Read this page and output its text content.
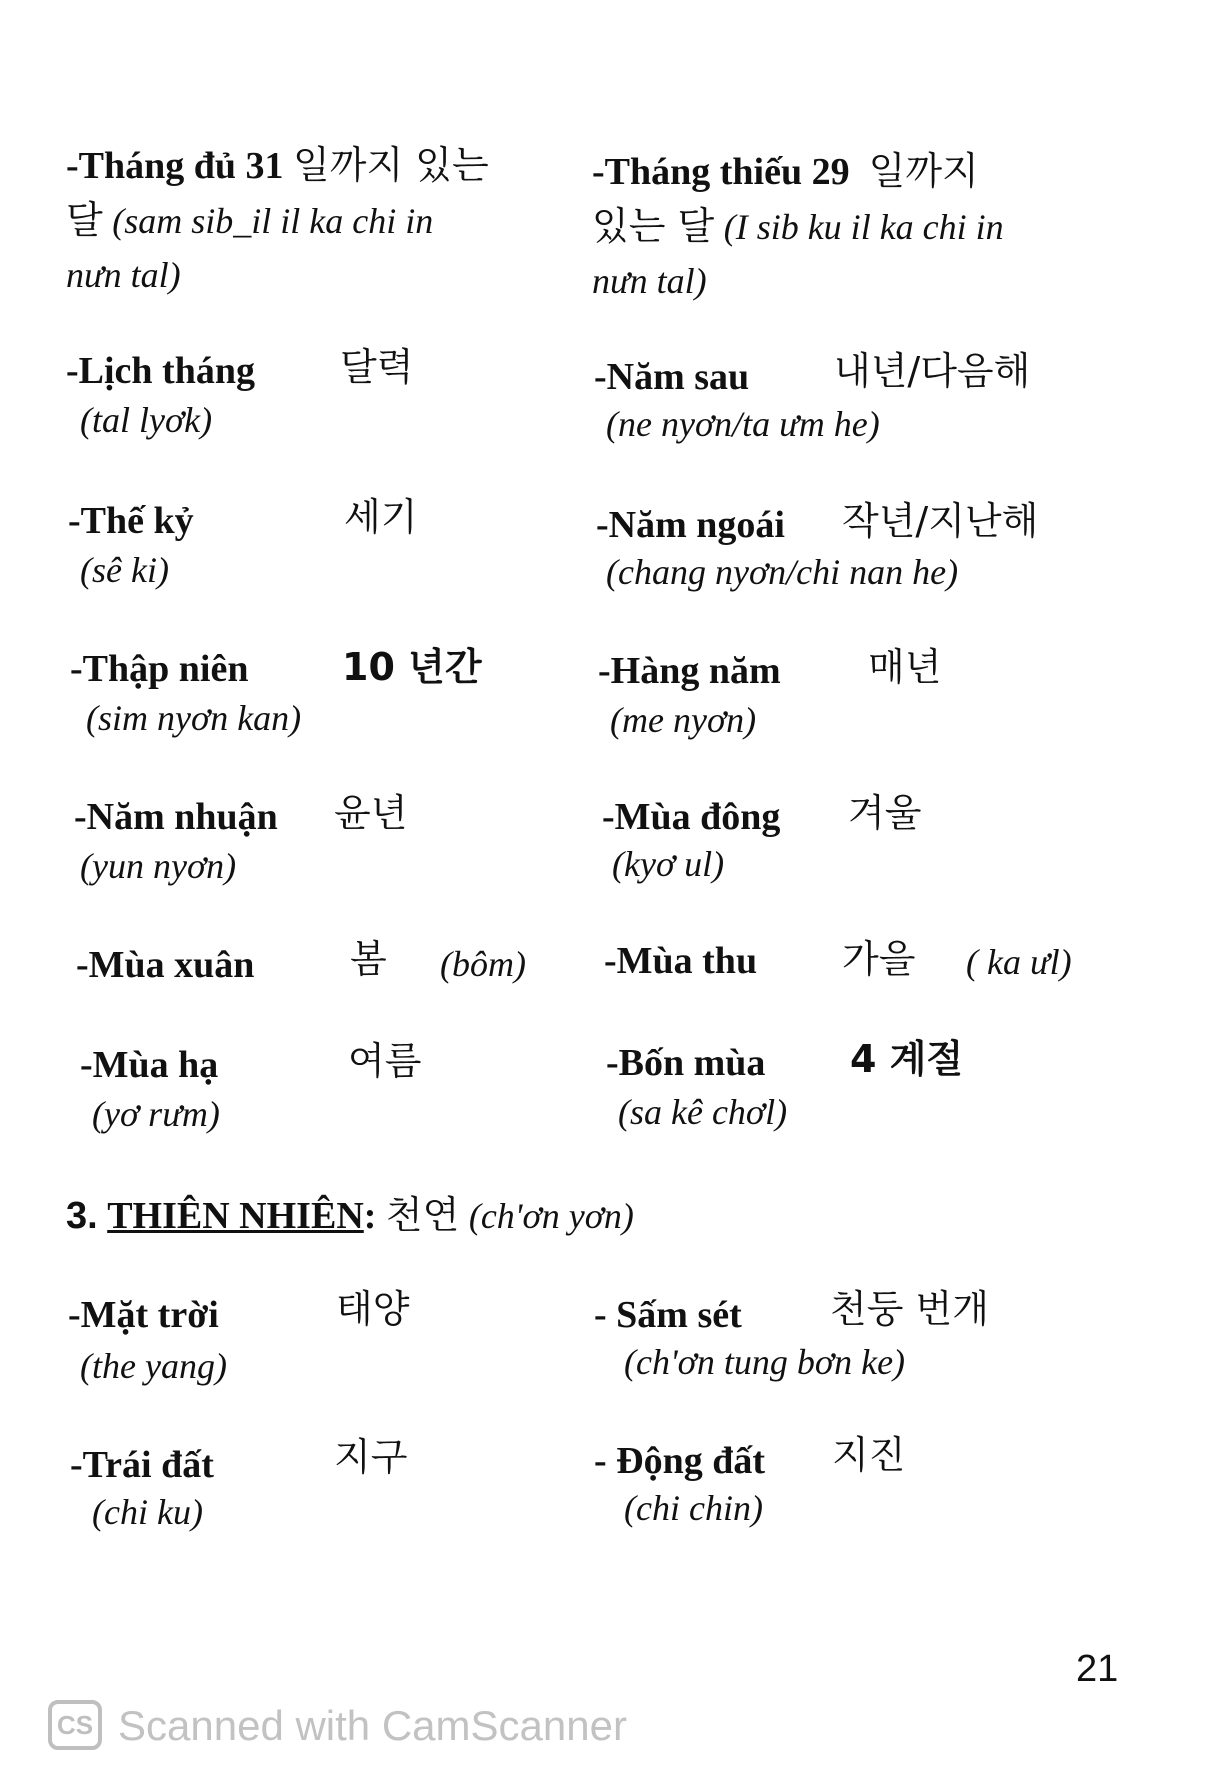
-Tháng đủ 31 일까지 있는
달 (sam sib_il il ka chi in
nưn tal)
-Tháng thiếu 29 일까지
있는 달 (I sib ku il ka chi in
nưn tal)
-Lịch tháng 달력
(tal lyơk)
-Năm sau 내년/다음해
(ne nyơn/ta ưm he)
-Thế kỷ	세기
(sê ki)
-Năm ngoái 작년/지난해
(chang nyơn/chi nan he)
-Thập niên 10 년간
(sim nyơn kan)
-Hàng năm 매년
(me nyơn)
-Năm nhuận 윤년
(yun nyơn)
-Mùa đông 겨울
(kyơ ul)
-Mùa xuân	봄 (bôm) -Mùa thu 가을 ( ka ưl)
-Mùa hạ	여름
(yơ rưm)
-Bốn mùa 4 계절
(sa kê chơl)
3. THIÊN NHIÊN: 천연 (ch'ơn yơn)
-Mặt trời	태양
(the yang)
- Sấm sét 천둥 번개
(ch'ơn tung bơn ke)
-Trái đất	지구
(chi ku)
- Động đất 지진
(chi chin)
21
CS Scanned with CamScanner
